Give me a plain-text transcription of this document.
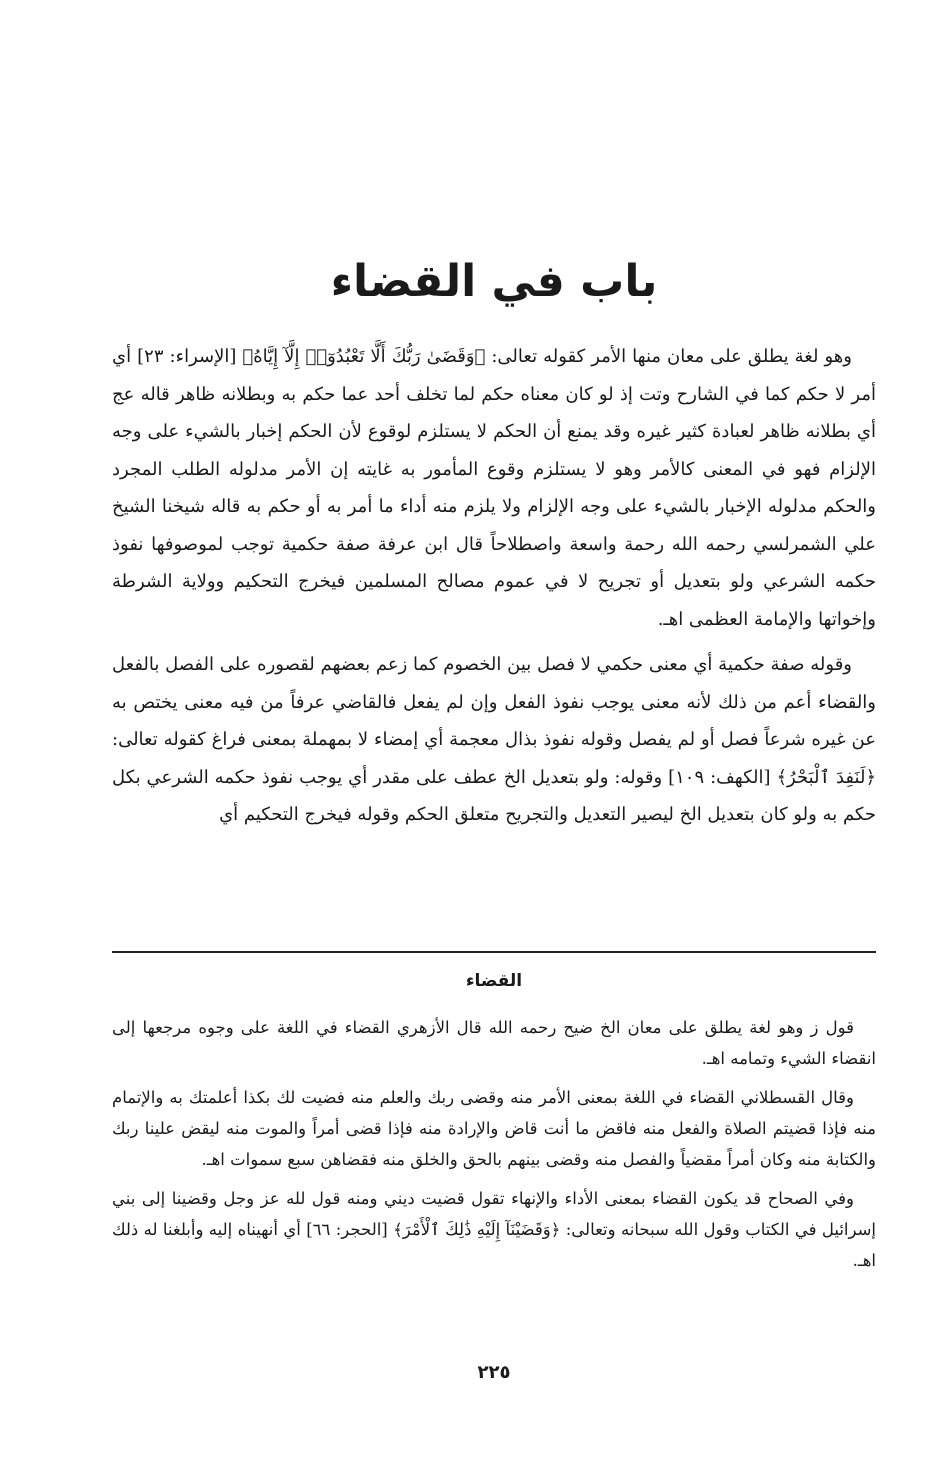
باب في القضاء

وهو لغة يطلق على معان منها الأمر كقوله تعالى: ﴿وَقَضَىٰ رَبُّكَ أَلَّا تَعْبُدُوٓا۟ إِلَّآ إِيَّاهُ﴾ [الإسراء: ٢٣] أي أمر لا حكم كما في الشارح وتت إذ لو كان معناه حكم لما تخلف أحد عما حكم به وبطلانه ظاهر قاله عج أي بطلانه ظاهر لعبادة كثير غيره وقد يمنع أن الحكم لا يستلزم لوقوع لأن الحكم إخبار بالشيء على وجه الإلزام فهو في المعنى كالأمر وهو لا يستلزم وقوع المأمور به غايته إن الأمر مدلوله الطلب المجرد والحكم مدلوله الإخبار بالشيء على وجه الإلزام ولا يلزم منه أداء ما أمر به أو حكم به قاله شيخنا الشيخ علي الشمرلسي رحمه الله رحمة واسعة واصطلاحاً قال ابن عرفة صفة حكمية توجب لموصوفها نفوذ حكمه الشرعي ولو بتعديل أو تجريح لا في عموم مصالح المسلمين فيخرج التحكيم وولاية الشرطة وإخواتها والإمامة العظمى اهـ.

وقوله صفة حكمية أي معنى حكمي لا فصل بين الخصوم كما زعم بعضهم لقصوره على الفصل بالفعل والقضاء أعم من ذلك لأنه معنى يوجب نفوذ الفعل وإن لم يفعل فالقاضي عرفاً من فيه معنى يختص به عن غيره شرعاً فصل أو لم يفصل وقوله نفوذ بذال معجمة أي إمضاء لا بمهملة بمعنى فراغ كقوله تعالى: ﴿لَنَفِدَ ٱلْبَحْرُ﴾ [الكهف: ١٠٩] وقوله: ولو بتعديل الخ عطف على مقدر أي يوجب نفوذ حكمه الشرعي بكل حكم به ولو كان بتعديل الخ ليصير التعديل والتجريح متعلق الحكم وقوله فيخرج التحكيم أي

القضاء

قول ز وهو لغة يطلق على معان الخ ضيح رحمه الله قال الأزهري القضاء في اللغة على وجوه مرجعها إلى انقضاء الشيء وتمامه اهـ.

وقال القسطلاني القضاء في اللغة بمعنى الأمر منه وقضى ربك والعلم منه فضيت لك بكذا أعلمتك به والإتمام منه فإذا قضيتم الصلاة والفعل منه فاقض ما أنت قاض والإرادة منه فإذا قضى أمراً والموت منه ليقض علينا ربك والكتابة منه وكان أمراً مقضياً والفصل منه وقضى بينهم بالحق والخلق منه فقضاهن سبع سموات اهـ.

وفي الصحاح قد يكون القضاء بمعنى الأداء والإنهاء تقول قضيت ديني ومنه قول لله عز وجل وقضينا إلى بني إسرائيل في الكتاب وقول الله سبحانه وتعالى: ﴿وَقَضَيْنَآ إِلَيْهِ ذَٰلِكَ ٱلْأَمْرَ﴾ [الحجر: ٦٦] أي أنهيناه إليه وأبلغنا له ذلك اهـ.

٢٢٥
